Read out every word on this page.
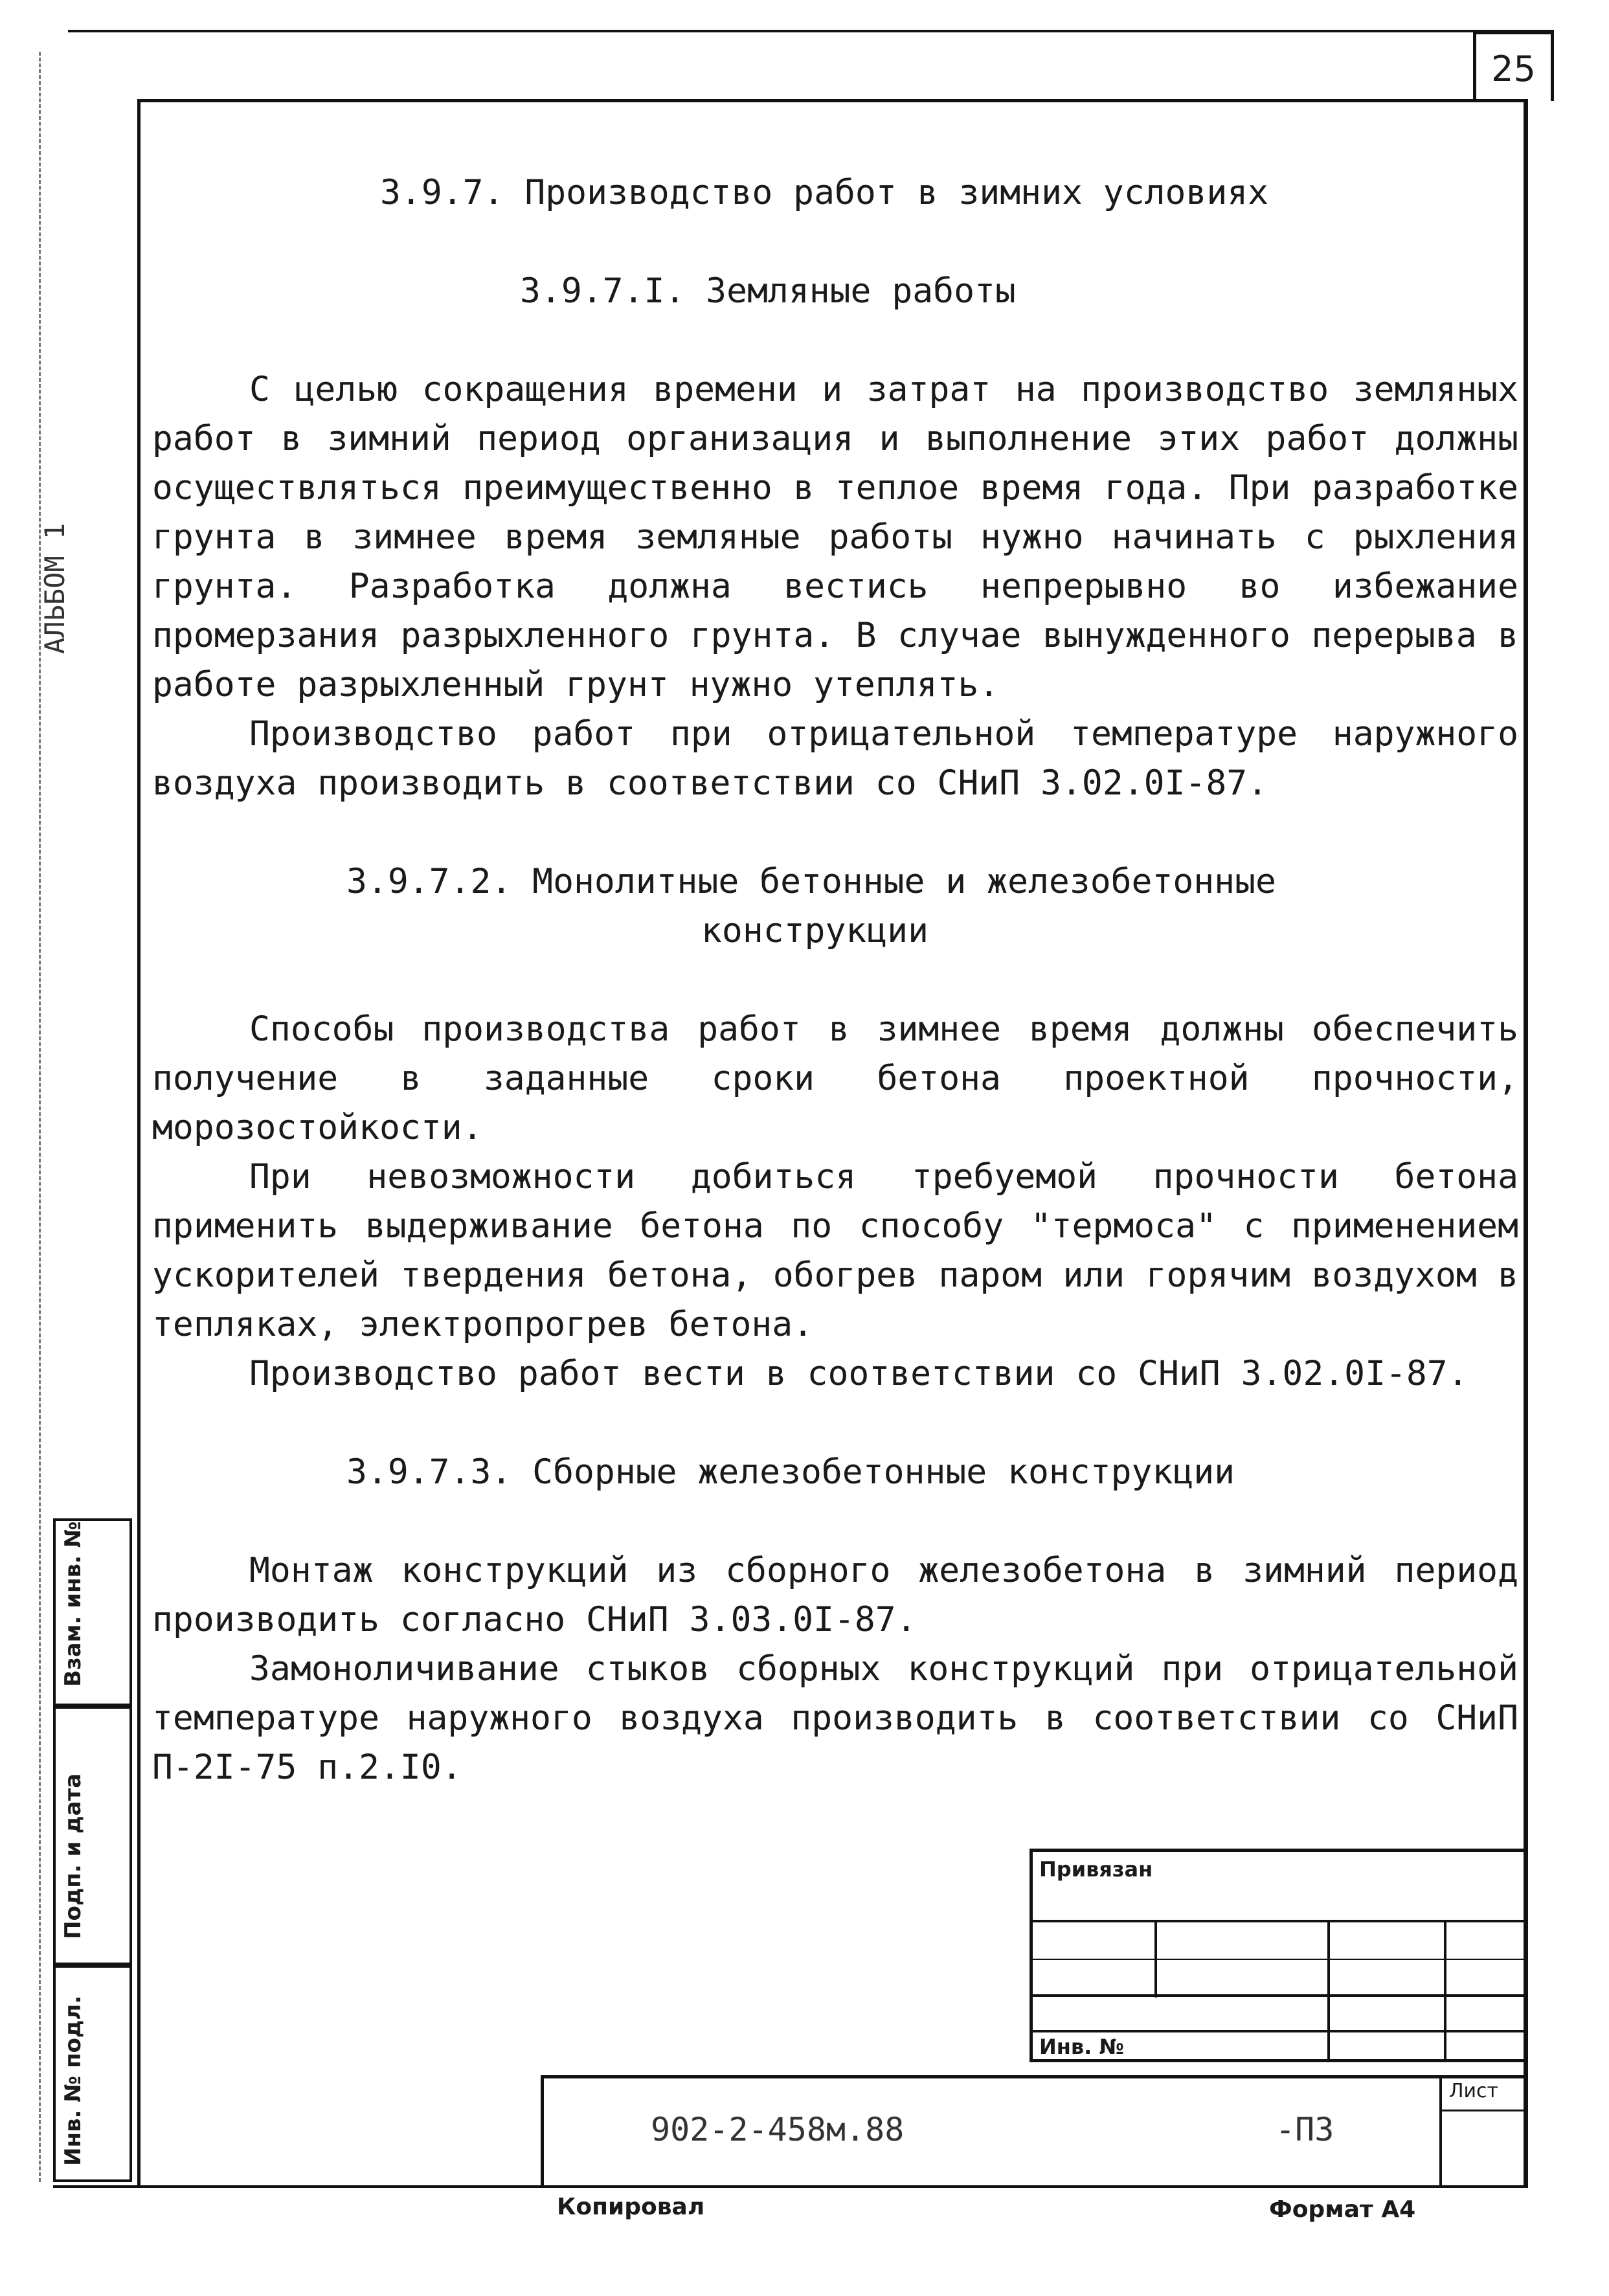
25
АЛЬБОМ 1
Взам. инв. №
Подп. и дата
Инв. № подл.

3.9.7. Производство работ в зимних условиях

3.9.7.I. Земляные работы

С целью сокращения времени и затрат на производство земляных работ в зимний период организация и выполнение этих работ должны осуществляться преимущественно в теплое время года. При разработке грунта в зимнее время земляные работы нужно начинать с рыхления грунта. Разработка должна вестись непрерывно во избежание промерзания разрыхленного грунта. В случае вынужденного перерыва в работе разрыхленный грунт нужно утеплять.

Производство работ при отрицательной температуре наружного воздуха производить в соответствии со СНиП 3.02.0I-87.

3.9.7.2. Монолитные бетонные и железобетонные

конструкции

Способы производства работ в зимнее время должны обеспечить получение в заданные сроки бетона проектной прочности, морозостойкости.

При невозможности добиться требуемой прочности бетона применить выдерживание бетона по способу "термоса" с применением ускорителей твердения бетона, обогрев паром или горячим воздухом в тепляках, электропрогрев бетона.

Производство работ вести в соответствии со СНиП 3.02.0I-87.

3.9.7.3. Сборные железобетонные конструкции

Монтаж конструкций из сборного железобетона в зимний период производить согласно СНиП 3.03.0I-87.

Замоноличивание стыков сборных конструкций при отрицательной температуре наружного воздуха производить в соответствии со СНиП П-2I-75 п.2.I0.

Привязан
Инв. №
902-2-458м.88	-ПЗ
Лист
Копировал	Формат А4
